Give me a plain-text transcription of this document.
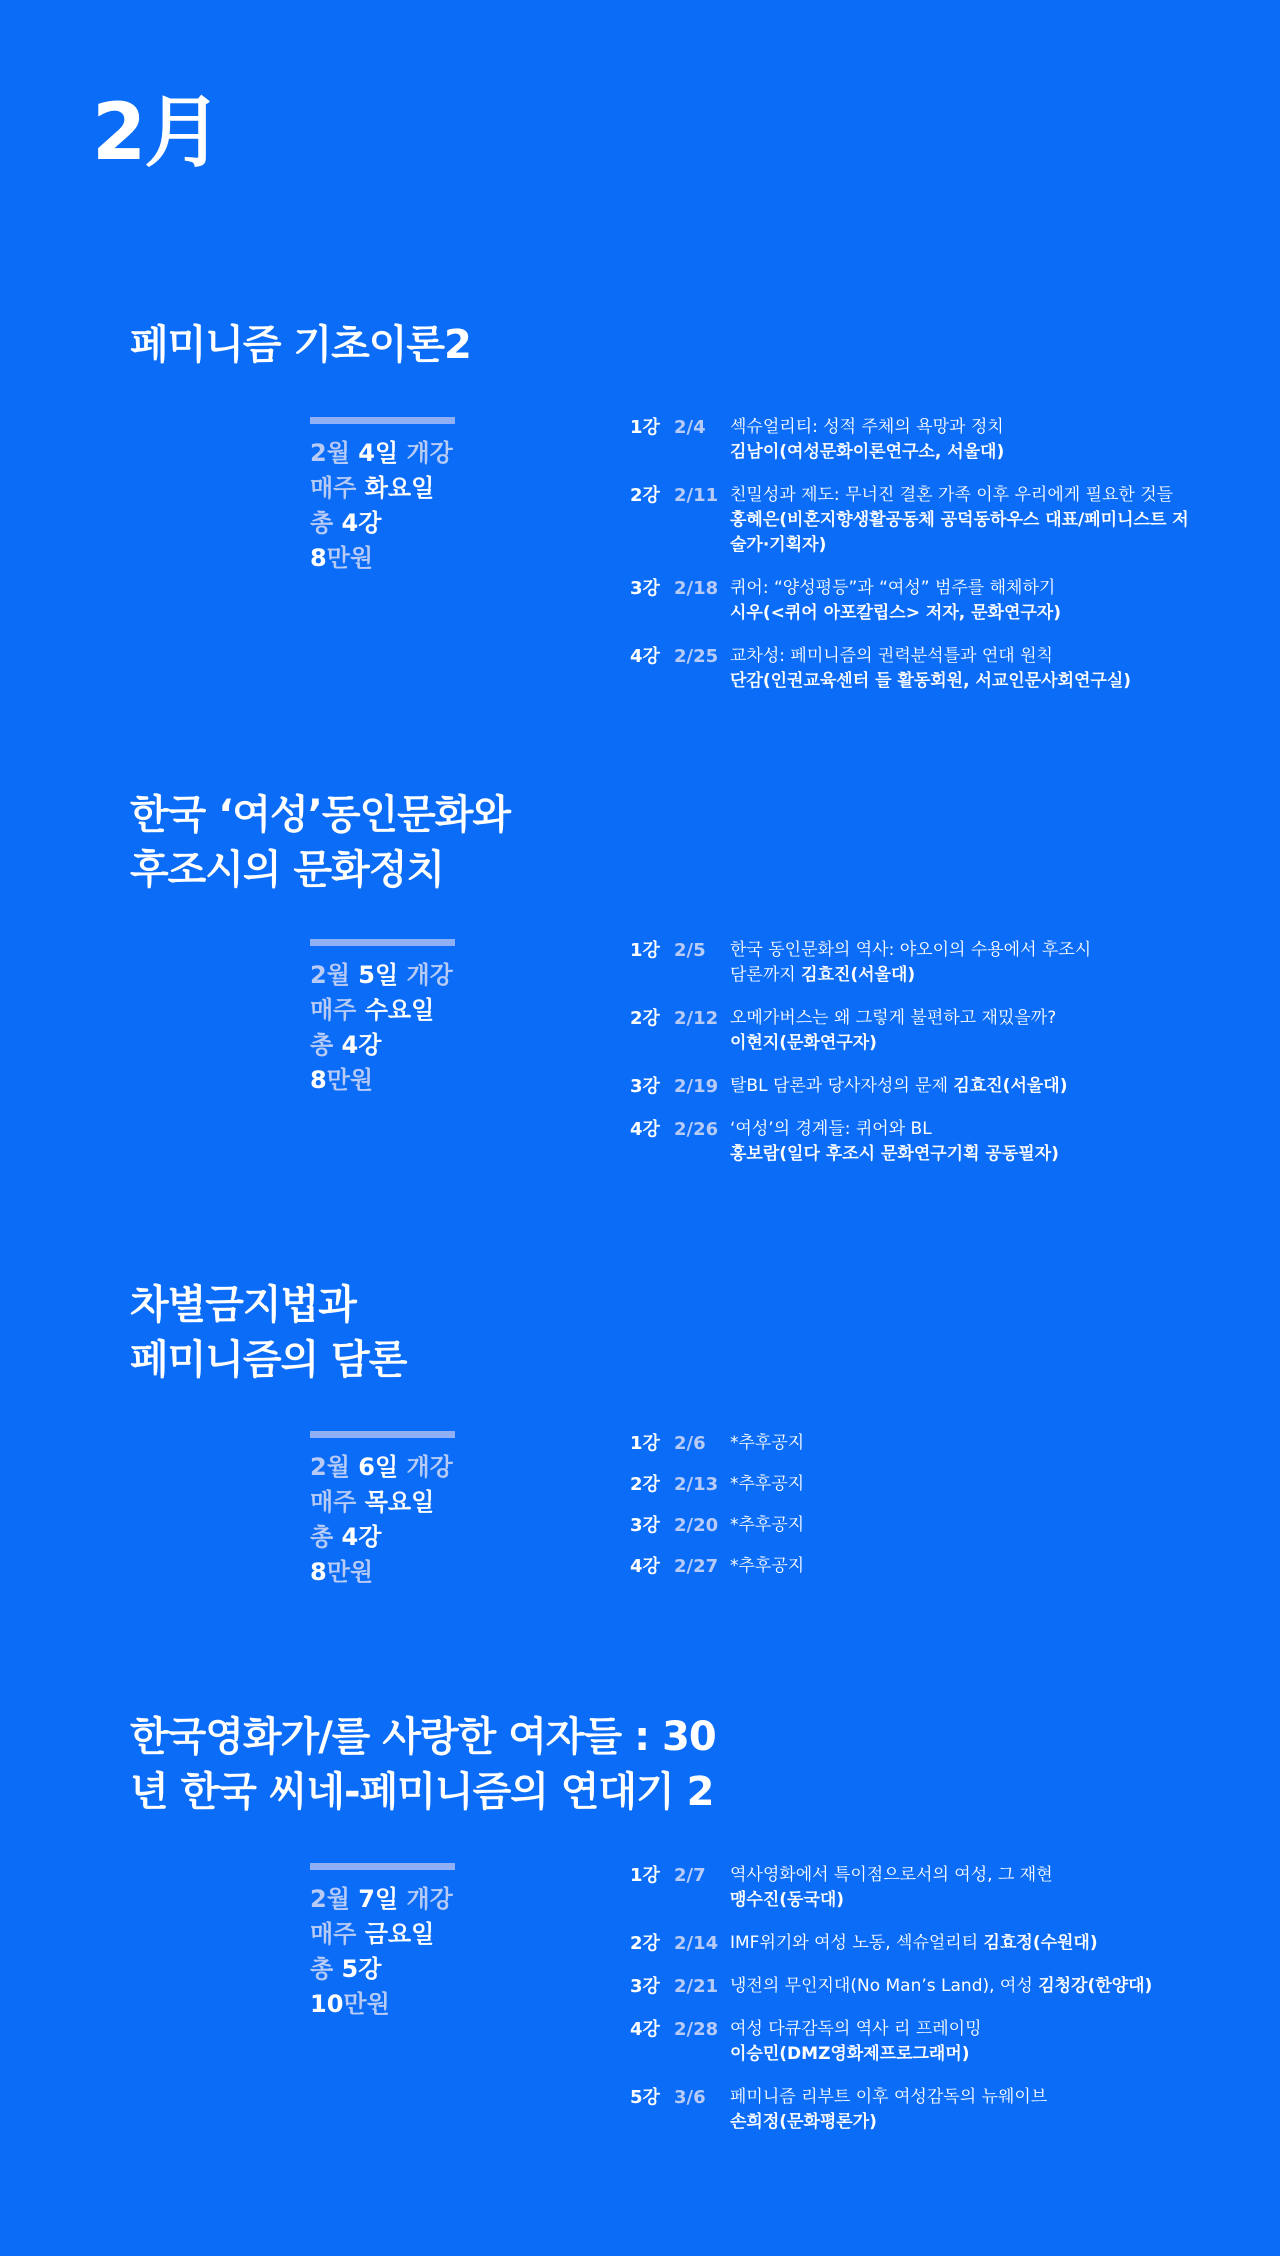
2月
페미니즘 기초이론2
2월 4일 개강
매주 화요일
총 4강
8만원
1강 2/4 섹슈얼리티: 성적 주체의 욕망과 정치
김남이(여성문화이론연구소, 서울대)
2강 2/11 친밀성과 제도: 무너진 결혼 가족 이후 우리에게 필요한 것들
홍혜은(비혼지향생활공동체 공덕동하우스 대표/페미니스트 저술가·기획자)
3강 2/18 퀴어: “양성평등”과 “여성” 범주를 해체하기
시우(<퀴어 아포칼립스> 저자, 문화연구자)
4강 2/25 교차성: 페미니즘의 권력분석틀과 연대 원칙
단감(인권교육센터 들 활동회원, 서교인문사회연구실)
한국 ‘여성’동인문화와
후조시의 문화정치
2월 5일 개강
매주 수요일
총 4강
8만원
1강 2/5 한국 동인문화의 역사: 야오이의 수용에서 후조시 담론까지 김효진(서울대)
2강 2/12 오메가버스는 왜 그렇게 불편하고 재밌을까?
이현지(문화연구자)
3강 2/19 탈BL 담론과 당사자성의 문제 김효진(서울대)
4강 2/26 ‘여성’의 경계들: 퀴어와 BL
홍보람(일다 후조시 문화연구기획 공동필자)
차별금지법과
페미니즘의 담론
2월 6일 개강
매주 목요일
총 4강
8만원
1강 2/6 *추후공지
2강 2/13 *추후공지
3강 2/20 *추후공지
4강 2/27 *추후공지
한국영화가/를 사랑한 여자들 : 30
년 한국 씨네-페미니즘의 연대기 2
2월 7일 개강
매주 금요일
총 5강
10만원
1강 2/7 역사영화에서 특이점으로서의 여성, 그 재현
맹수진(동국대)
2강 2/14 IMF위기와 여성 노동, 섹슈얼리티 김효정(수원대)
3강 2/21 냉전의 무인지대(No Man’s Land), 여성 김청강(한양대)
4강 2/28 여성 다큐감독의 역사 리 프레이밍
이승민(DMZ영화제프로그래머)
5강 3/6 페미니즘 리부트 이후 여성감독의 뉴웨이브
손희정(문화평론가)
